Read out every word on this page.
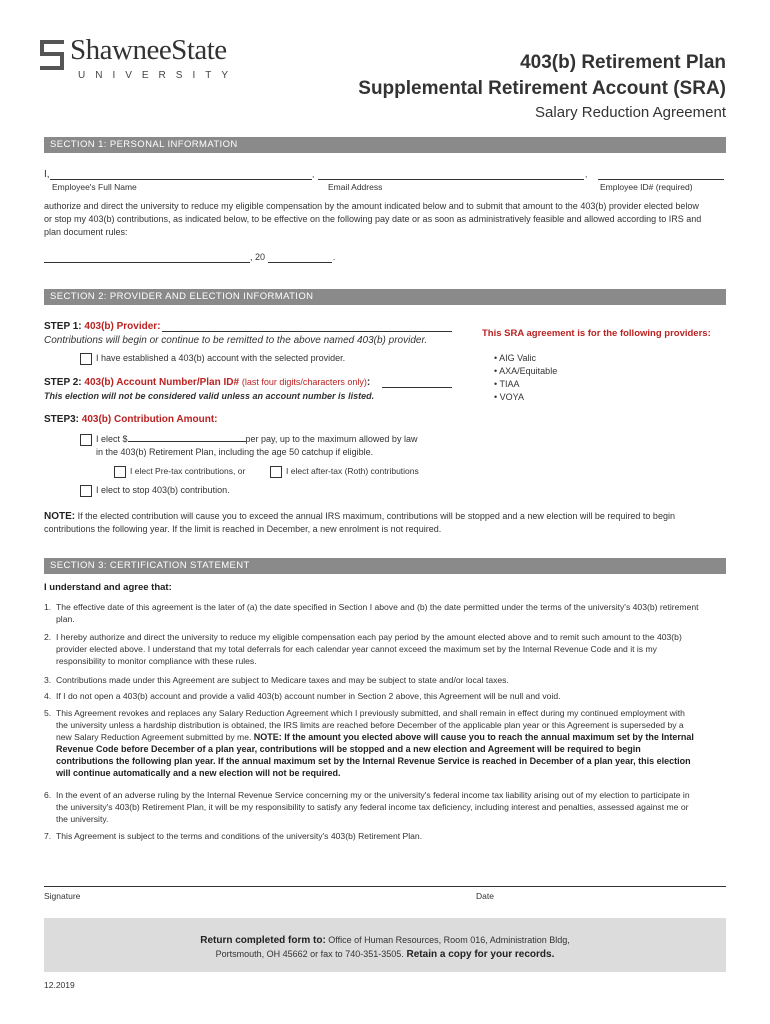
ShawneeState
UNIVERSITY
403(b) Retirement Plan
Supplemental Retirement Account (SRA)
Salary Reduction Agreement
SECTION 1: PERSONAL INFORMATION
I,	,	,
Employee's Full Name	Email Address	Employee ID# (required)
authorize and direct the university to reduce my eligible compensation by the amount indicated below and to submit that amount to the 403(b) provider elected below or stop my 403(b) contributions, as indicated below, to be effective on the following pay date or as soon as administratively feasible and allowed according to IRS and plan document rules:
, 20	.
SECTION 2: PROVIDER AND ELECTION INFORMATION
STEP 1: 403(b) Provider:
Contributions will begin or continue to be remitted to the above named 403(b) provider.
I have established a 403(b) account with the selected provider.
This SRA agreement is for the following providers:
• AIG Valic
• AXA/Equitable
• TIAA
• VOYA
STEP 2: 403(b) Account Number/Plan ID# (last four digits/characters only):
This election will not be considered valid unless an account number is listed.
STEP3: 403(b) Contribution Amount:
I elect $	per pay, up to the maximum allowed by law
in the 403(b) Retirement Plan, including the age 50 catchup if eligible.
I elect Pre-tax contributions, or	I elect after-tax (Roth) contributions
I elect to stop 403(b) contribution.
NOTE: If the elected contribution will cause you to exceed the annual IRS maximum, contributions will be stopped and a new election will be required to begin contributions the following year. If the limit is reached in December, a new enrolment is not required.
SECTION 3: CERTIFICATION STATEMENT
I understand and agree that:
1. The effective date of this agreement is the later of (a) the date specified in Section I above and (b) the date permitted under the terms of the university's 403(b) retirement plan.
2. I hereby authorize and direct the university to reduce my eligible compensation each pay period by the amount elected above and to remit such amount to the 403(b) provider elected above. I understand that my total deferrals for each calendar year cannot exceed the maximum set by the Internal Revenue Code and it is my responsibility to monitor compliance with these rules.
3. Contributions made under this Agreement are subject to Medicare taxes and may be subject to state and/or local taxes.
4. If I do not open a 403(b) account and provide a valid 403(b) account number in Section 2 above, this Agreement will be null and void.
5. This Agreement revokes and replaces any Salary Reduction Agreement which I previously submitted, and shall remain in effect during my continued employment with the university unless a hardship distribution is obtained, the IRS limits are reached before December of the applicable plan year or this Agreement is superseded by a new Salary Reduction Agreement submitted by me. NOTE: If the amount you elected above will cause you to reach the annual maximum set by the Internal Revenue Code before December of a plan year, contributions will be stopped and a new election and Agreement will be required to begin contributions the following plan year. If the annual maximum set by the Internal Revenue Service is reached in December of a plan year, this election will continue automatically and a new election will not be required.
6. In the event of an adverse ruling by the Internal Revenue Service concerning my or the university's federal income tax liability arising out of my election to participate in the university's 403(b) Retirement Plan, it will be my responsibility to satisfy any federal income tax deficiency, including interest and penalties, assessed against me or the university.
7. This Agreement is subject to the terms and conditions of the university's 403(b) Retirement Plan.
Signature	Date
Return completed form to: Office of Human Resources, Room 016, Administration Bldg,
Portsmouth, OH 45662 or fax to 740-351-3505. Retain a copy for your records.
12.2019
